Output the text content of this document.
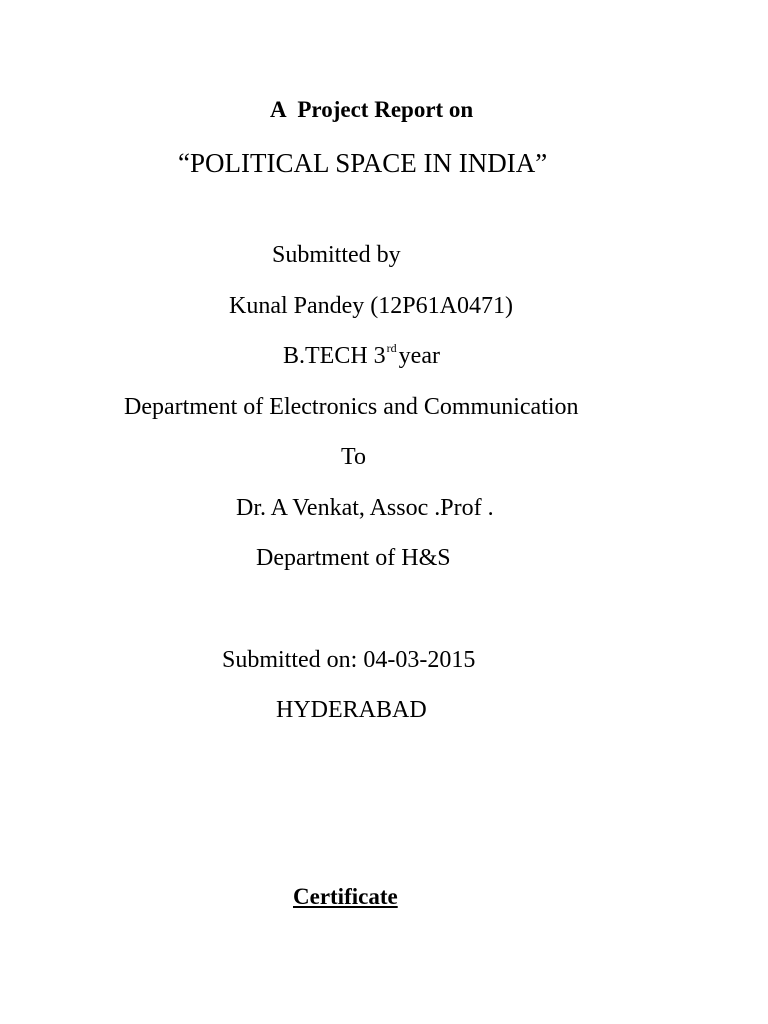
A Project Report on

“POLITICAL SPACE IN INDIA”

Submitted by

Kunal Pandey (12P61A0471)

B.TECH 3rdyear

Department of Electronics and Communication

To

Dr. A Venkat, Assoc .Prof .

Department of H&S

Submitted on: 04-03-2015

HYDERABAD

Certificate
